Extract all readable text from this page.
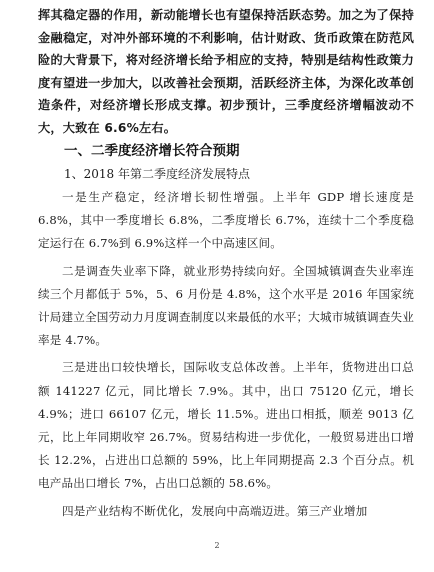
挥其稳定器的作用，新动能增长也有望保持活跃态势。加之为了保持金融稳定，对冲外部环境的不利影响，估计财政、货币政策在防范风险的大背景下，将对经济增长给予相应的支持，特别是结构性政策力度有望进一步加大，以改善社会预期，活跃经济主体，为深化改革创造条件，对经济增长形成支撑。初步预计，三季度经济增幅波动不大，大致在 6.6%左右。

一、二季度经济增长符合预期

1、2018 年第二季度经济发展特点

一是生产稳定，经济增长韧性增强。上半年 GDP 增长速度是 6.8%，其中一季度增长 6.8%，二季度增长 6.7%，连续十二个季度稳定运行在 6.7%到 6.9%这样一个中高速区间。

二是调查失业率下降，就业形势持续向好。全国城镇调查失业率连续三个月都低于 5%，5、6 月份是 4.8%，这个水平是 2016 年国家统计局建立全国劳动力月度调查制度以来最低的水平；大城市城镇调查失业率是 4.7%。

三是进出口较快增长，国际收支总体改善。上半年，货物进出口总额 141227 亿元，同比增长 7.9%。其中，出口 75120 亿元，增长 4.9%；进口 66107 亿元，增长 11.5%。进出口相抵，顺差 9013 亿元，比上年同期收窄 26.7%。贸易结构进一步优化，一般贸易进出口增长 12.2%，占进出口总额的 59%，比上年同期提高 2.3 个百分点。机电产品出口增长 7%，占出口总额的 58.6%。

四是产业结构不断优化，发展向中高端迈进。第三产业增加

2
